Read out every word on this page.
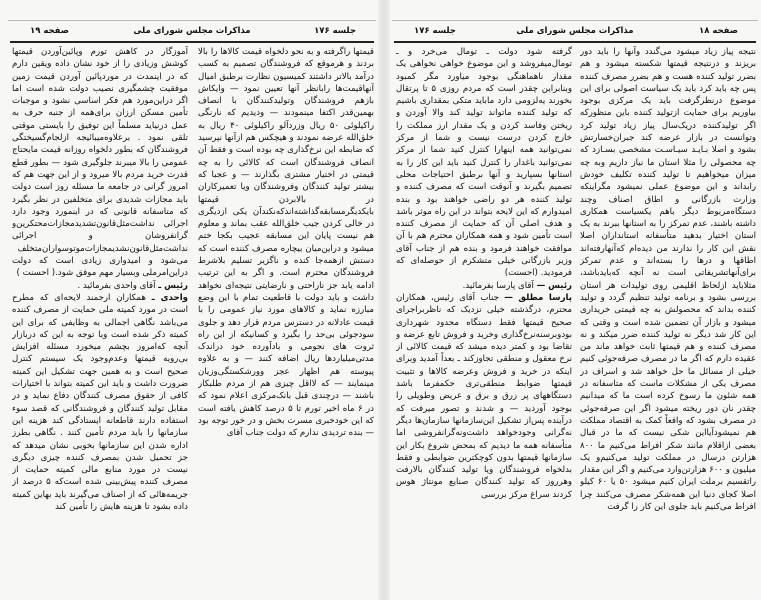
جلسه ۱۷۶
مذاکرات مجلس شورای ملی
صفحه ۱۹

قیمتها راگرفته و به نحو دلخواه قیمت کالاها را بالا بردند و هرموقع که فروشندگان تصمیم به کسب درآمد بالاتر داشتند کمیسیون نظارت برطبق امیال آنهاقیمت‌ها رابانظر آنها تعیین نمود — وایکاش بازهم فروشندگان وتولیدکنندگان با انصاف بهمین‌قدر اکتفا مینمودند — ودیدیم که نارنگی راکیلوئی ۵۰ ریال وزردآلو راکیلوئی ۴۰ ریال به خلق‌الله عرضه نمودند و هیچکس هم ازآنها نپرسید که ضابطه این نرخ‌گذاری چه بوده است و فقط آن انصاف فروشندگان است که کالائی را به چه قیمتی در اختیار مشتری بگذارند — و عجبا که بیشتر تولید کنندگان وفروشندگان ویا تعمیرکاران در بالابردن قیمتها بایکدیگرمسابقه‌گذاشته‌اندکه‌نکندآن یکی ازدیگری در خالی کردن جیب خلق‌الله عقب بماند و معلوم هم نیست پایان این مسابقه عجیب بکجا ختم میشود و دراین‌میان بیچاره مصرف کننده است که دستش ازهمه‌جا کنده و ناگزیر تسلیم بلاشرط فروشندگان محترم است. و اگر به این ترتیب ادامه یابد جز ناراحتی و نارضایتی نتیجه‌ای نخواهد داشت و باید دولت با قاطعیت تمام با این وضع مبارزه نماید و کالاهای مورد نیاز عمومی را با قیمت عادلانه در دسترس مردم قرار دهد و جلوی سودجوئی بی‌حد را بگیرد و کسانیکه از این راه ثروت های نجومی و بادآورده خود دراندک مدتی‌میلیاردها ریال اضافه کنند — و به علاوه پیوسته هم اظهار عجز وورشکستگی‌وزیان مینمایند — که لااقل چیزی هم از مردم طلبکار باشند — درچندی قبل بانک‌مرکزی اعلام نمود که در ۶ ماه اخیر تورم تا ۵ درصد کاهش یافته است که این خودخبری مسرت بخش و در خور توجه بود — بنده تردیدی ندارم که دولت جناب آقای

آموزگار در کاهش تورم وپائین‌آوردن قیمتها کوشش وزیادی را از خود نشان داده ویقین دارم که در اینمدت در موردپائین آوردن قیمت زمین موفقیت چشمگیری نصیب دولت شده است اما اگر دراین‌مورد هم فکر اساسی نشود و موجبات تأمین مسکن ارزان برای‌همه از جنبه حرف به عمل درنیاید مسلماً این توفیق را بایستی موقتی تلقی نمود . برعلاوه‌میبائیجه ازلجام‌گسیختگی فروشندگان که بطور دلخواه روزانه قیمت مایحتاج عمومی را بالا میبرند جلوگیری شود — بطور قطع قدرت خرید مردم بالا میرود و از این جهت هم که امروز گرانی در جامعه ما مسئله روز است دولت باید مجازات شدیدی برای متخلفین در نظر بگیرد که متاسفانه قانونی که در اینمورد وجود دارد اجرائی نداشت‌مثل‌قانون‌تشدیدمجازات‌محتکرین‌و گرانفروشان و اجرائی نداشت‌مثل‌قانون‌نشدیمجازات‌موتوسواران‌متخلف می‌شود و امیدواری زیادی است که دولت دراین‌امرملی وبسیار مهم موفق شود.( احسنت )

رئیس ـ آقای واحدی بفرمائید .

واحدی ـ همکاران ارجمند لایحه‌ای که مطرح است در مورد کمیته ملی حمایت از مصرف کننده می‌باشد نگاهی اجمالی به وظایفی که برای این کمیته ذکر شده است وبا توجه به این که دربازار آنچه که‌امروز بچشم میخورد مسئله افزایش بی‌رویه قیمتها وعدم‌وجود یک سیستم کنترل صحیح است و به همین جهت تشکیل این کمیته ضرورت داشت و باید این کمیته بتواند با اختیارات کافی از حقوق مصرف کنندگان دفاع نماید و در مقابل تولید کنندگان و فروشندگانی که قصد سوء استفاده دارند قاطعانه ایستادگی کند هزینه این سازمانها را باید مردم تأمین کنند . نگاهی بطرز اداره شدن این سازمانها بخوبی نشان میدهد که جز تحمیل شدن بمصرف کننده چیزی دیگری نیست در مورد منابع مالی کمیته حمایت از مصرف کننده پیش‌بینی شده است‌که ۵ درصد از جریمه‌هائی که از اصناف می‌گیرند باید بهاین کمیته داده بشود تا هزینه هایش را تأمین کند

صفحه ۱۸
مذاکرات مجلس شورای ملی
جلسه ۱۷۶

نتیجه پیاز زیاد میشود می‌گندد وآنها را باید دور بریزند و درنتیجه قیمتها شکسته میشود و هم بضرر تولید کننده هست و هم بضرر مصرف کننده پس چه باید کرد باید یک سیاست اصولی برای این موضوع درنظرگرفت باید یک مرکزی بوجود بیاوریم برای حمایت ازتولید کننده باین منظورکه اگر تولیدکننده دریک‌سال پیاز زیاد تولید کرد وتوانست در بازار عرضه کند جبران‌خسارتش بشود و اصلا بـایـد سیـاسـت مشخصی بسـازد که چه محصولی را مثلا استان ما نیاز داریم وبه چه میزان میخواهیم تا تولید کننده تکلیف خودش رابداند و این موضوع عملی نمیشود مگراینکه وزارت بازرگانی و اطاق اصناف وچند دستگاه‌مربوط دیگر باهم یکسیاست همکاری داشته باشند، عدم تمرکز را به استانها ببرند به یک استان اختیار بدهید متأسفانه استانداران اصلا نقش این کار را ندارند من دیده‌ام که‌آنهارفته‌اند اطاقها و درها را بسته‌اند و عدم تمرکز برای‌آنهاتشریفاتی است نه آنچه که‌بایدباشد، مثلاباید ازلحاظ اقلیمی روی تولیدات هر استان بررسی بشود و برنامه تولید تنظیم گردد و تولید کننده بداند که محصولش به چه قیمتی خریداری میشود و بازار آن تضمین شده است و وقتی که این کار شد دیگر نه تولید کننده ضرر میکند و نه مصرف کننده و هم قیمتها ثابت خواهد ماند من عقیده دارم که اگر ما در مصرف صرفه‌جوئی کنیم خیلی از مسائل ما حل خواهد شد و اسراف در مصرف یکی از مشکلات ماست که متاسفانه در همه شئون ما رسوخ کرده است ما که میدانیم چقدر نان دور ریخته میشود اگر این صرفه‌جوئی در مصرف بشود که واقعاً کمک به اقتصاد مملکت هم نمیشودآیااین شکی نیست که ما در قبال بعضی ازاقلام مانند شکر افراط می‌کنیم ما ۸۰۰ هزارتن درسال در مملکت تولید می‌کنیم‌و یک میلیون و ۶۰۰ هزارتن‌وارد می‌کنیم و اگر این مقدار راتقسیم برملت ایران کنیم میشود ۵۰ یا ۶۰ کیلو اصلا کجای دنیا این همه‌شکر مصرف می‌کنند چرا افراط می‌کنیم باید جلوی این کار را گرفت

گرفته شود دولت ـ تومال می‌خرد و ـ تومال‌میفروشد و این موضوع خواهی نخواهی یک مقدار ناهماهنگی بوجود میاورد مگر کمبود وبنابراین چقدر است که مردم روزی ۵ تا پرتقال بخورند یه‌لزومی دارد ماباید متکی بمقداری باشیم که تولید کننده ماتواند تولید کند والا آوردن و ریختن وفاسد کردن و یک مقدار ارز مملکت را خارج کردن درست نیست و شما از مرکز نمی‌توانید همه اینهارا کنترل کنید شما از مرکز نمی‌توانید باغدار را کنترل کنید باید این کار را به استانها بسپارید و آنها برطبق احتیاجات محلی تصمیم بگیرند و آنوقت است که مصرف کننده و تولید کننده هر دو راضی خواهند بود و بنده امیدوارم که این لایحه بتواند در این راه موثر باشد و هدف اصلی آن که حمایت از مصرف کننده است تأمین شود و همه همکاران محترم هم با آن موافقت خواهند فرمود و بنده هم از جناب آقای وزیر بازرگانی خیلی متشکرم از حوصله‌ای که فرمودید. (احسنت)

رئیس — آقای پارسا بفرمائید.

پارسا مطلق — جناب آقای رئیس، همکاران محترم، درگذشته خیلی نزدیک که ناظربراجرای صحیح قیمتها فقط دستگاه محدود شهرداری بودوبرسنه‌نرخ‌گذاری وخرید و فروش تابع عرضه و تقاضا بود و کمتر دیده میشد که قیمت کالائی از نرخ معقول و منطقی تجاوزکند ـ بعداً آمدید وبرای اینکه در خرید و فروش وعرضه کالاها و تثبیت قیمتها ضوابط منطقی‌تری حکمفرما باشد دستگاههای پر زرق و برق و عریض وطویلی را بوجود آوردید — و شدند و تصور میرفت که درآینده پس‌از تشکیل این‌سازمانها سازمان‌ها دیگر نه‌گرانی وجودخواهد داشت‌ونه‌گرانفروشی اما متأسفانه همه ما دیدیم که بمحض شروع بکار این سازمانها قیمتها بدون کوچکترین ضوابطی و فقط بدلخواه فروشندگان ویا تولید کنندگان بالارفت وهرروز که تولید کنندگان صنایع مونتاژ هوس کردند سراغ مرکز بررسی
